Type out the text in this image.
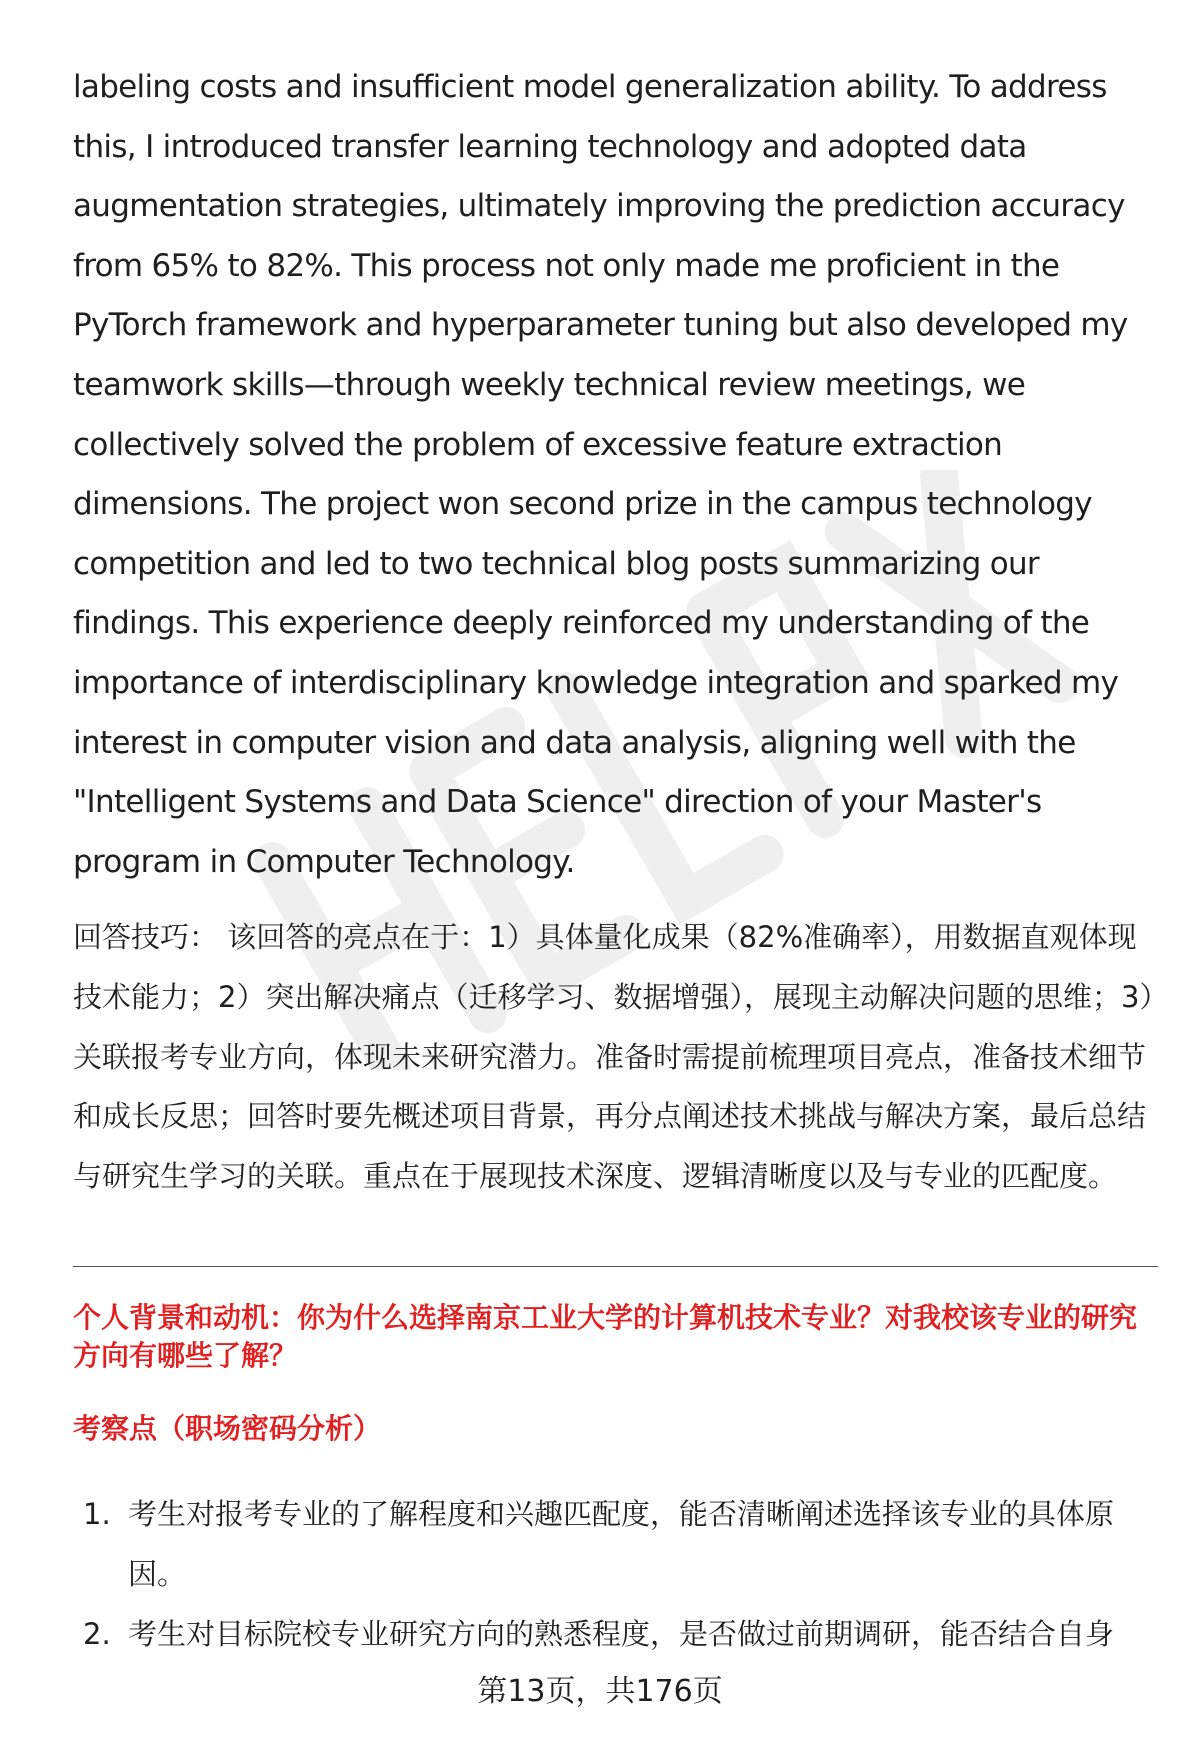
labeling costs and insufficient model generalization ability. To address this, I introduced transfer learning technology and adopted data augmentation strategies, ultimately improving the prediction accuracy from 65% to 82%. This process not only made me proficient in the PyTorch framework and hyperparameter tuning but also developed my teamwork skills—through weekly technical review meetings, we collectively solved the problem of excessive feature extraction dimensions. The project won second prize in the campus technology competition and led to two technical blog posts summarizing our findings. This experience deeply reinforced my understanding of the importance of interdisciplinary knowledge integration and sparked my interest in computer vision and data analysis, aligning well with the "Intelligent Systems and Data Science" direction of your Master's program in Computer Technology.

回答技巧： 该回答的亮点在于：1）具体量化成果（82%准确率），用数据直观体现技术能力；2）突出解决痛点（迁移学习、数据增强），展现主动解决问题的思维；3）关联报考专业方向，体现未来研究潜力。准备时需提前梳理项目亮点，准备技术细节和成长反思；回答时要先概述项目背景，再分点阐述技术挑战与解决方案，最后总结与研究生学习的关联。重点在于展现技术深度、逻辑清晰度以及与专业的匹配度。

个人背景和动机：你为什么选择南京工业大学的计算机技术专业？对我校该专业的研究方向有哪些了解？

考察点（职场密码分析）

1. 考生对报考专业的了解程度和兴趣匹配度，能否清晰阐述选择该专业的具体原因。
2. 考生对目标院校专业研究方向的熟悉程度，是否做过前期调研，能否结合自身
第13页，共176页
